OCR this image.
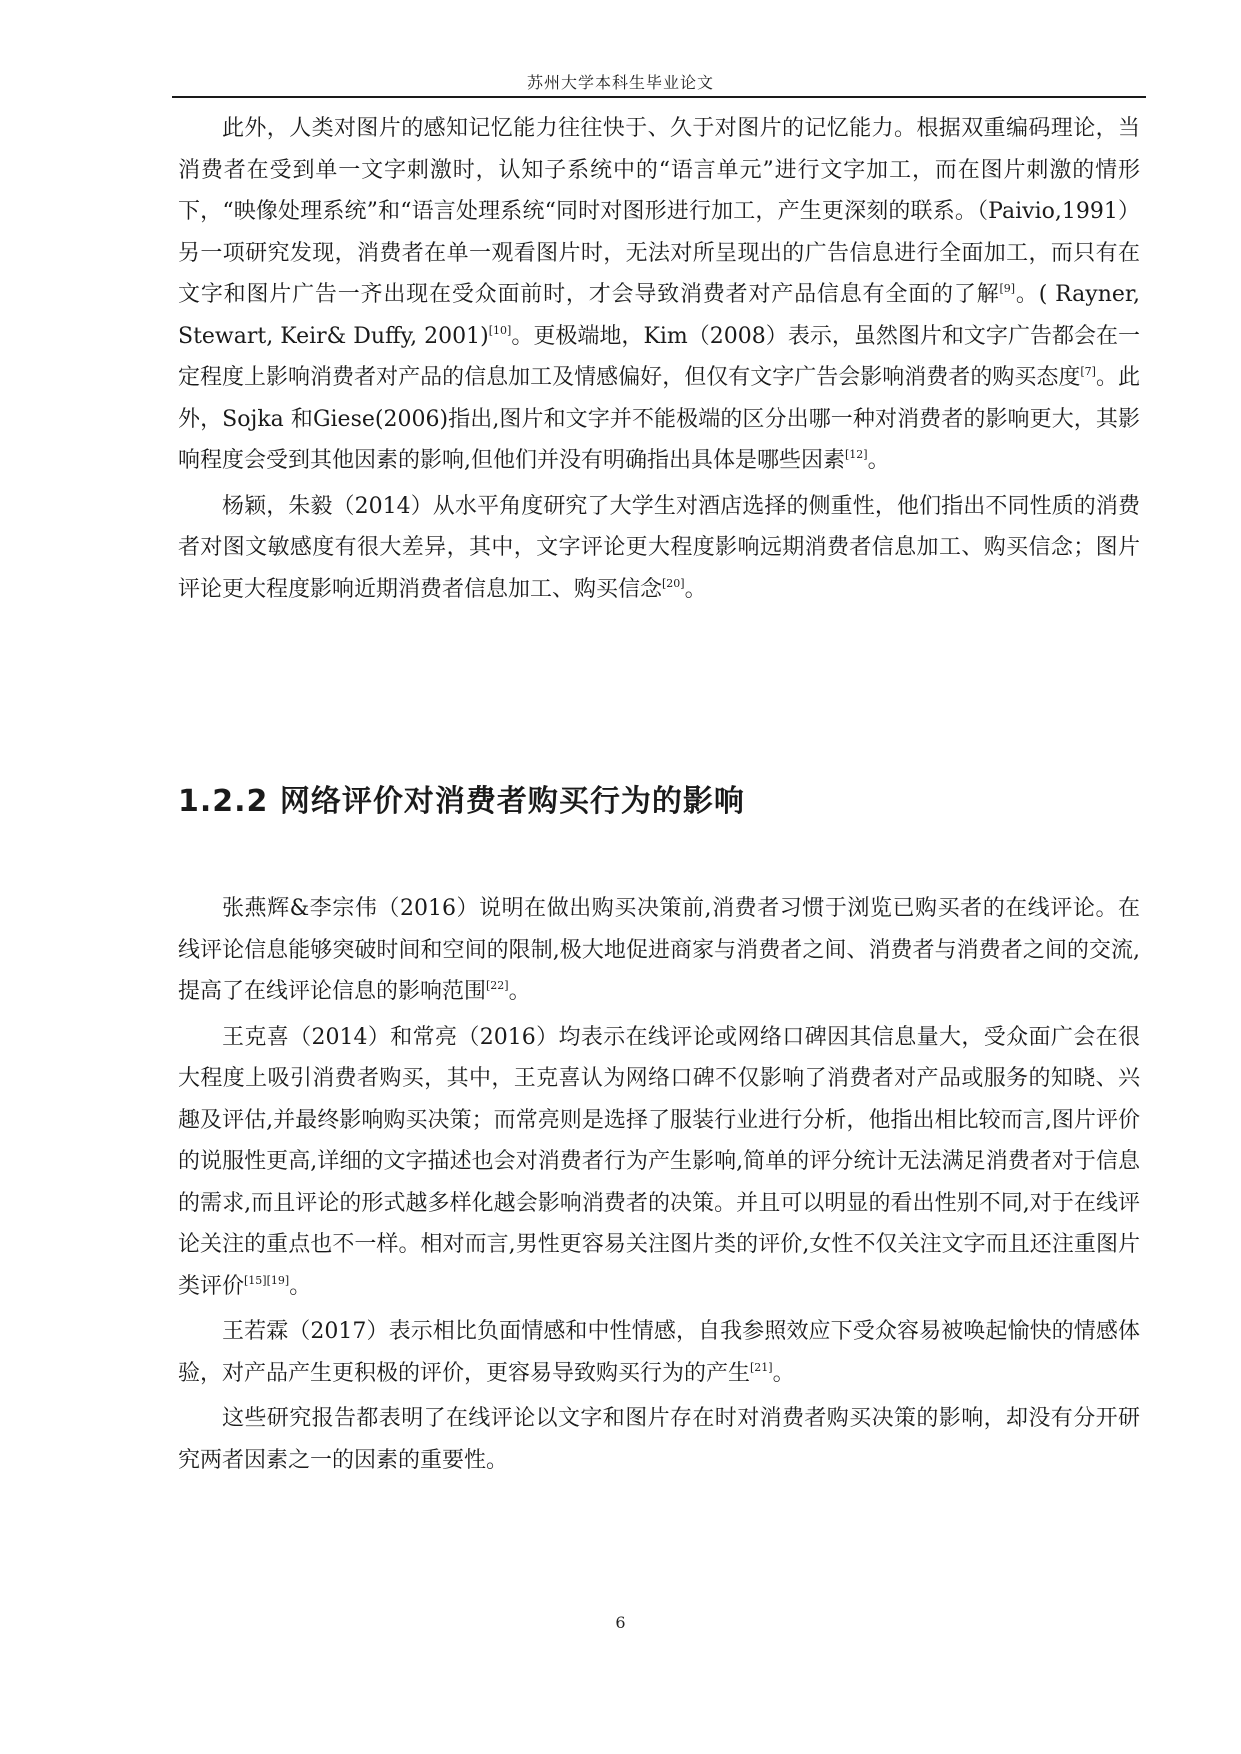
苏州大学本科生毕业论文

此外，人类对图片的感知记忆能力往往快于、久于对图片的记忆能力。根据双重编码理论，当消费者在受到单一文字刺激时，认知子系统中的“语言单元”进行文字加工，而在图片刺激的情形下，“映像处理系统”和“语言处理系统“同时对图形进行加工，产生更深刻的联系。（Paivio,1991）另一项研究发现，消费者在单一观看图片时，无法对所呈现出的广告信息进行全面加工，而只有在文字和图片广告一齐出现在受众面前时，才会导致消费者对产品信息有全面的了解[9]。( Rayner, Stewart, Keir& Duffy, 2001)[10]。更极端地，Kim（2008）表示，虽然图片和文字广告都会在一定程度上影响消费者对产品的信息加工及情感偏好，但仅有文字广告会影响消费者的购买态度[7]。此外，Sojka 和Giese(2006)指出,图片和文字并不能极端的区分出哪一种对消费者的影响更大，其影响程度会受到其他因素的影响,但他们并没有明确指出具体是哪些因素[12]。

杨颖，朱毅（2014）从水平角度研究了大学生对酒店选择的侧重性，他们指出不同性质的消费者对图文敏感度有很大差异，其中，文字评论更大程度影响远期消费者信息加工、购买信念；图片评论更大程度影响近期消费者信息加工、购买信念[20]。

1.2.2 网络评价对消费者购买行为的影响

张燕辉&李宗伟（2016）说明在做出购买决策前,消费者习惯于浏览已购买者的在线评论。在线评论信息能够突破时间和空间的限制,极大地促进商家与消费者之间、消费者与消费者之间的交流,提高了在线评论信息的影响范围[22]。

王克喜（2014）和常亮（2016）均表示在线评论或网络口碑因其信息量大，受众面广会在很大程度上吸引消费者购买，其中，王克喜认为网络口碑不仅影响了消费者对产品或服务的知晓、兴趣及评估,并最终影响购买决策；而常亮则是选择了服装行业进行分析，他指出相比较而言,图片评价的说服性更高,详细的文字描述也会对消费者行为产生影响,简单的评分统计无法满足消费者对于信息的需求,而且评论的形式越多样化越会影响消费者的决策。并且可以明显的看出性别不同,对于在线评论关注的重点也不一样。相对而言,男性更容易关注图片类的评价,女性不仅关注文字而且还注重图片类评价[15][19]。

王若霖（2017）表示相比负面情感和中性情感，自我参照效应下受众容易被唤起愉快的情感体验，对产品产生更积极的评价，更容易导致购买行为的产生[21]。

这些研究报告都表明了在线评论以文字和图片存在时对消费者购买决策的影响，却没有分开研究两者因素之一的因素的重要性。

6
